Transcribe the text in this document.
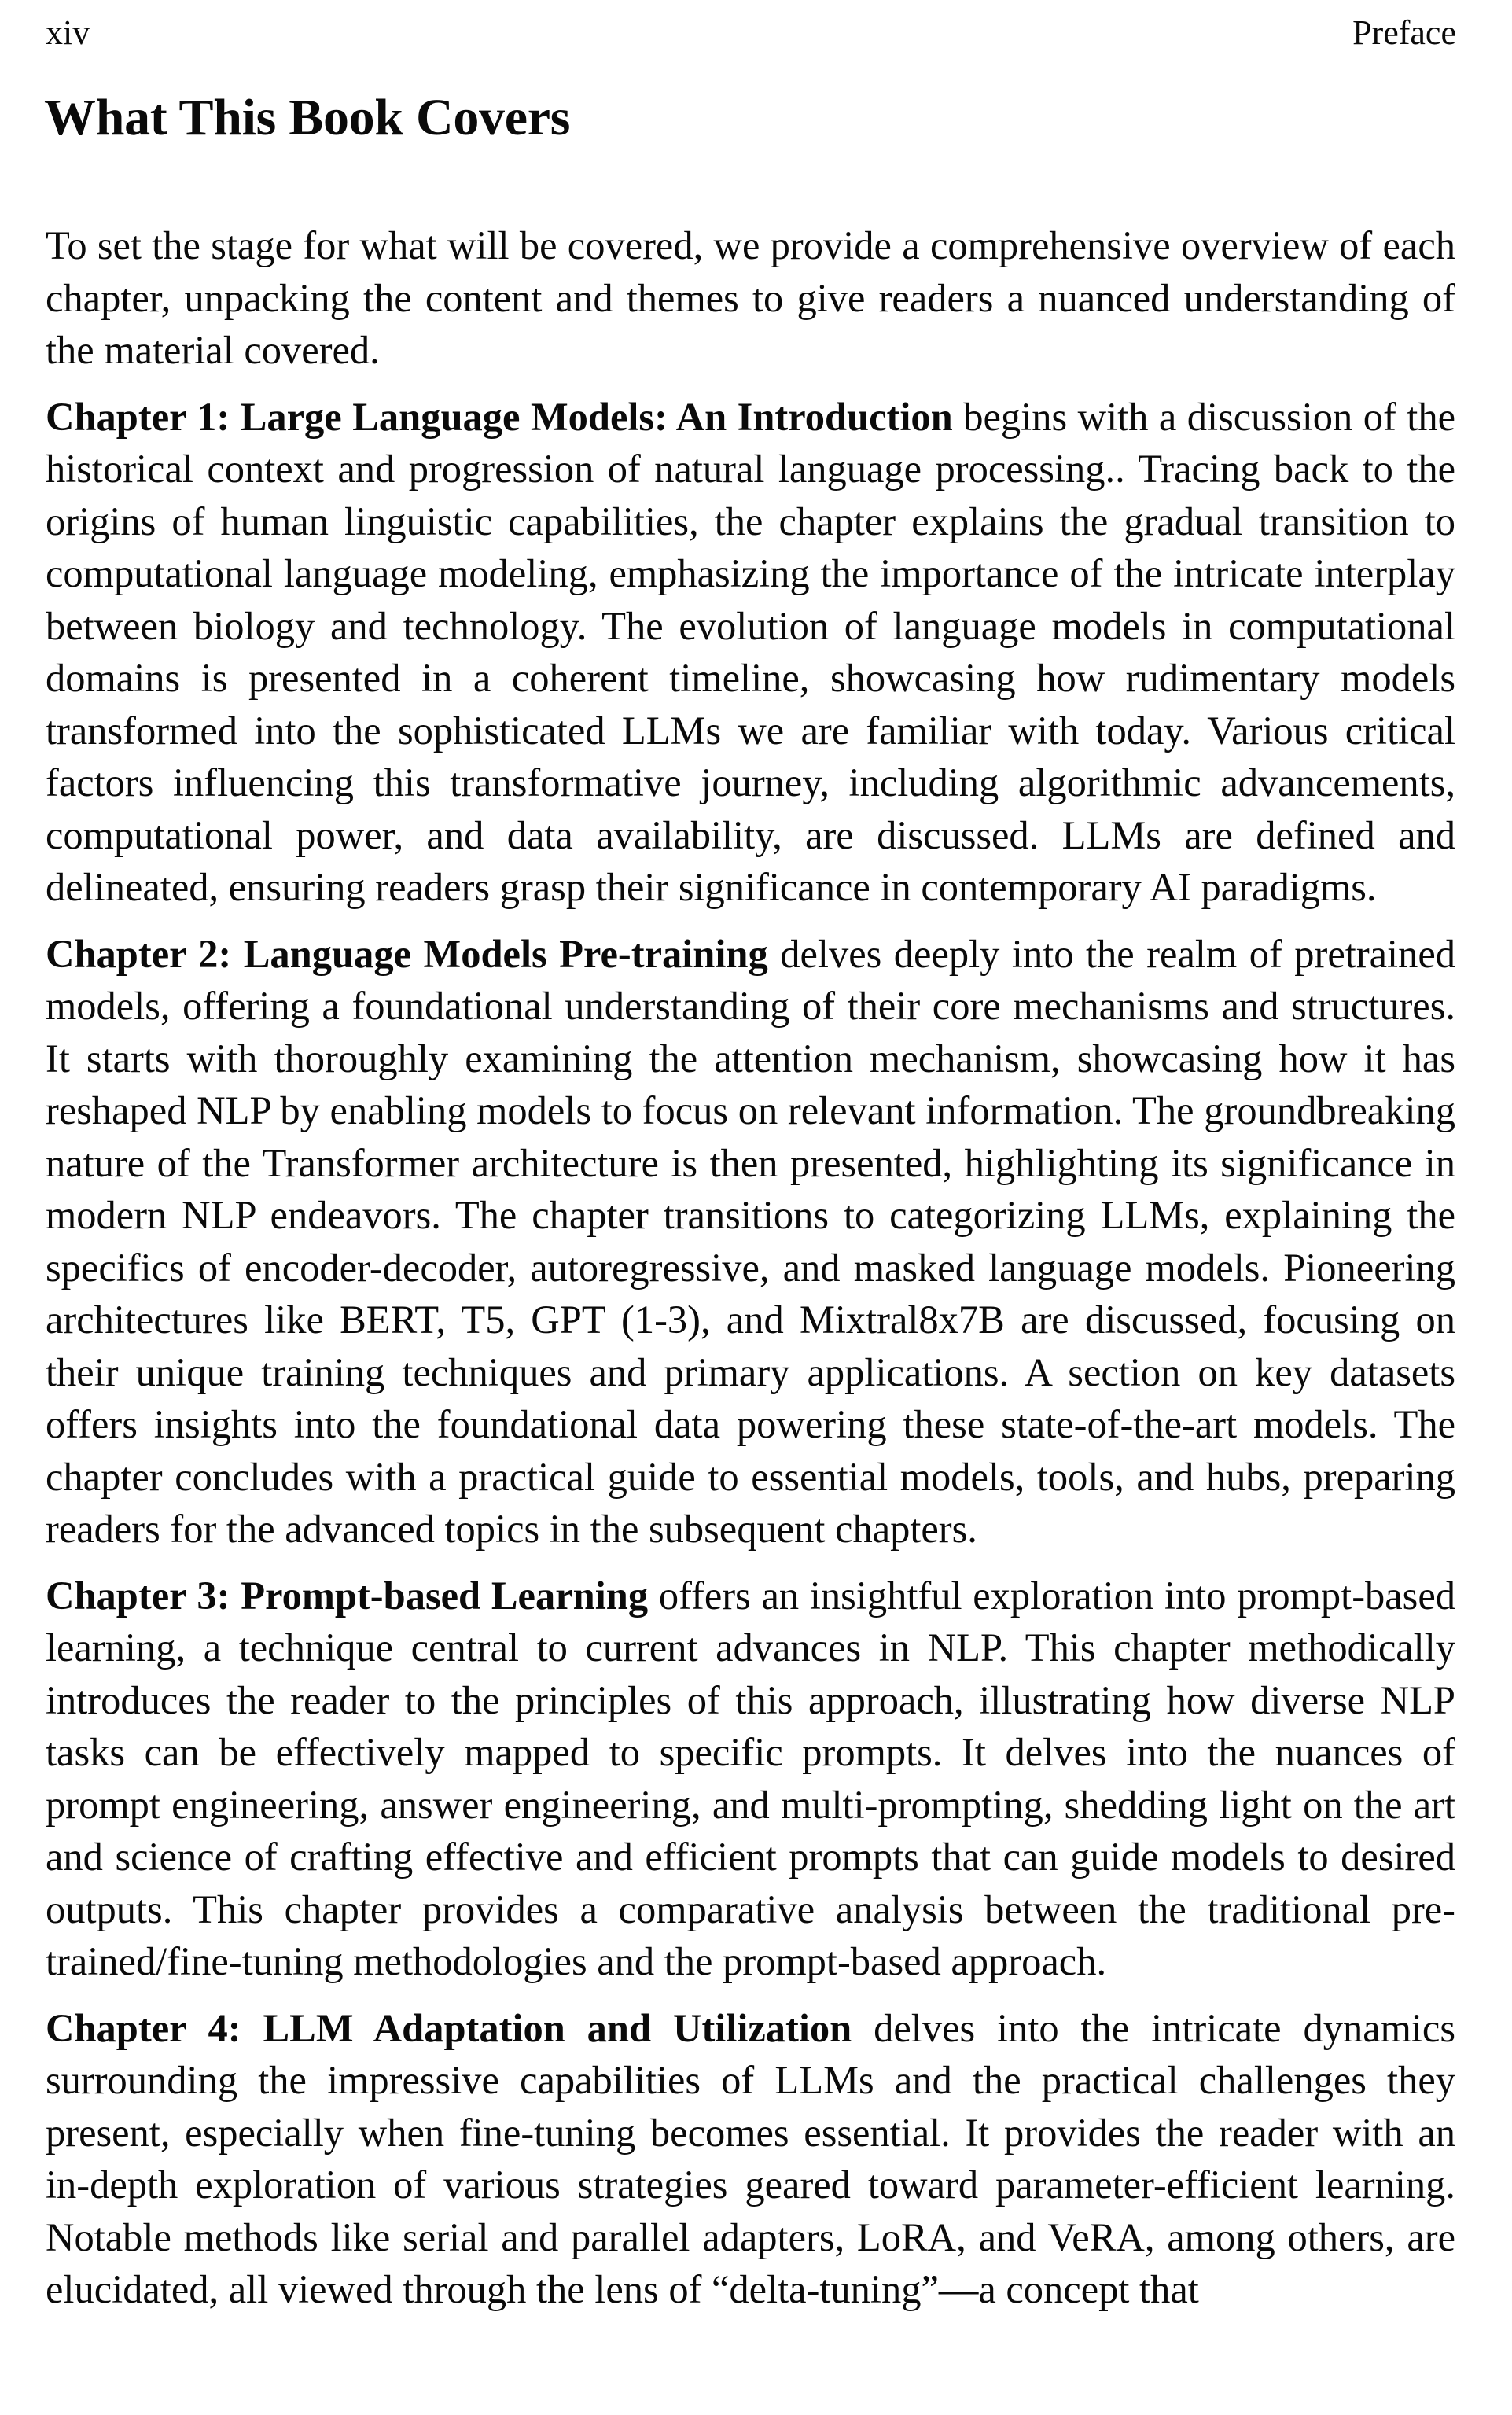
xiv	Preface
What This Book Covers

To set the stage for what will be covered, we provide a comprehensive overview of each chapter, unpacking the content and themes to give readers a nuanced understanding of the material covered.

Chapter 1: Large Language Models: An Introduction begins with a discussion of the historical context and progression of natural language processing.. Tracing back to the origins of human linguistic capabilities, the chapter explains the gradual transition to computational language modeling, emphasizing the importance of the intricate interplay between biology and technology. The evolution of language models in computational domains is presented in a coherent timeline, showcasing how rudimentary models transformed into the sophisticated LLMs we are familiar with today. Various critical factors influencing this transformative journey, including algorithmic advancements, computational power, and data availability, are discussed. LLMs are defined and delineated, ensuring readers grasp their significance in contemporary AI paradigms.

Chapter 2: Language Models Pre-training delves deeply into the realm of pretrained models, offering a foundational understanding of their core mechanisms and structures. It starts with thoroughly examining the attention mechanism, showcasing how it has reshaped NLP by enabling models to focus on relevant information. The groundbreaking nature of the Transformer architecture is then presented, highlighting its significance in modern NLP endeavors. The chapter transitions to categorizing LLMs, explaining the specifics of encoder-decoder, autoregressive, and masked language models. Pioneering architectures like BERT, T5, GPT (1-3), and Mixtral8x7B are discussed, focusing on their unique training techniques and primary applications. A section on key datasets offers insights into the foundational data powering these state-of-the-art models. The chapter concludes with a practical guide to essential models, tools, and hubs, preparing readers for the advanced topics in the subsequent chapters.

Chapter 3: Prompt-based Learning offers an insightful exploration into prompt-based learning, a technique central to current advances in NLP. This chapter methodically introduces the reader to the principles of this approach, illustrating how diverse NLP tasks can be effectively mapped to specific prompts. It delves into the nuances of prompt engineering, answer engineering, and multi-prompting, shedding light on the art and science of crafting effective and efficient prompts that can guide models to desired outputs. This chapter provides a comparative analysis between the traditional pre-trained/fine-tuning methodologies and the prompt-based approach.

Chapter 4: LLM Adaptation and Utilization delves into the intricate dynamics surrounding the impressive capabilities of LLMs and the practical challenges they present, especially when fine-tuning becomes essential. It provides the reader with an in-depth exploration of various strategies geared toward parameter-efficient learning. Notable methods like serial and parallel adapters, LoRA, and VeRA, among others, are elucidated, all viewed through the lens of “delta-tuning”—a concept that
